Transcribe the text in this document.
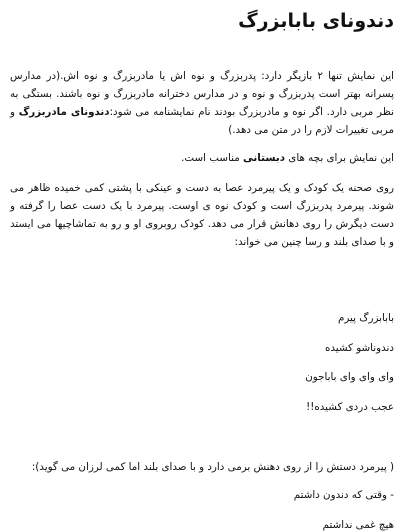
دندونای بابابزرگ

این نمایش تنها ۲ بازیگر دارد: پدربزرگ و نوه اش یا مادربزرگ و نوه اش.(در مدارس پسرانه بهتر است پدربزرگ و نوه و در مدارس دخترانه مادربزرگ و نوه باشند. بستگی به نظر مربی دارد. اگر نوه و مادربزرگ بودند نام نمایشنامه می شود:دندونای مادربزرگ و مربی تغییرات لازم را در متن می دهد.)

این نمایش برای بچه های دبستانی مناسب است.

روی صحنه یک کودک و یک پیرمرد عصا به دست و عینکی با پشتی کمی خمیده ظاهر می شوند. پیرمرد پدربزرگ است و کودک نوه ی اوست. پیرمرد با یک دست عصا را گرفته و دست دیگرش را روی دهانش قرار می دهد. کودک روبروی او و رو به تماشاچیها می ایستد و با صدای بلند و رسا چنین می خواند:

بابابزرگ پیرم

دندوناشو کشیده

وای وای وای باباجون

عجب دردی کشیده!!

( پیرمرد دستش را از روی دهنش برمی دارد و با صدای بلند اما کمی لرزان می گوید):

- وقتی که دندون داشتم

هیچ غمی نداشتم
